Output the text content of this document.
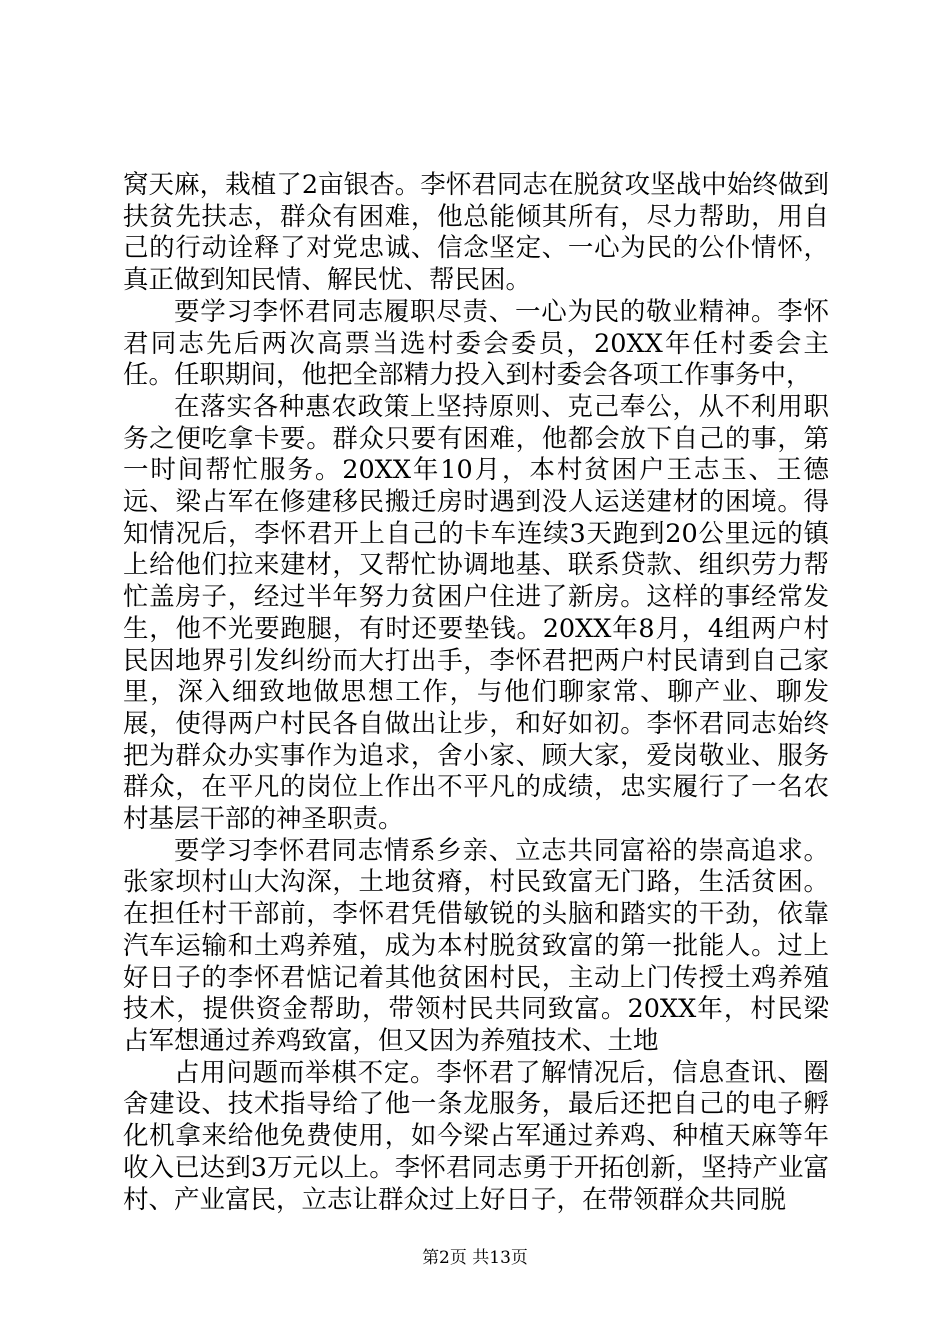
窝天麻，栽植了2亩银杏。李怀君同志在脱贫攻坚战中始终做到扶贫先扶志，群众有困难，他总能倾其所有，尽力帮助，用自己的行动诠释了对党忠诚、信念坚定、一心为民的公仆情怀，真正做到知民情、解民忧、帮民困。

要学习李怀君同志履职尽责、一心为民的敬业精神。李怀君同志先后两次高票当选村委会委员，20XX年任村委会主任。任职期间，他把全部精力投入到村委会各项工作事务中，

在落实各种惠农政策上坚持原则、克己奉公，从不利用职务之便吃拿卡要。群众只要有困难，他都会放下自己的事，第一时间帮忙服务。20XX年10月，本村贫困户王志玉、王德远、梁占军在修建移民搬迁房时遇到没人运送建材的困境。得知情况后，李怀君开上自己的卡车连续3天跑到20公里远的镇上给他们拉来建材，又帮忙协调地基、联系贷款、组织劳力帮忙盖房子，经过半年努力贫困户住进了新房。这样的事经常发生，他不光要跑腿，有时还要垫钱。20XX年8月，4组两户村民因地界引发纠纷而大打出手，李怀君把两户村民请到自己家里，深入细致地做思想工作，与他们聊家常、聊产业、聊发展，使得两户村民各自做出让步，和好如初。李怀君同志始终把为群众办实事作为追求，舍小家、顾大家，爱岗敬业、服务群众，在平凡的岗位上作出不平凡的成绩，忠实履行了一名农村基层干部的神圣职责。

要学习李怀君同志情系乡亲、立志共同富裕的崇高追求。张家坝村山大沟深，土地贫瘠，村民致富无门路，生活贫困。在担任村干部前，李怀君凭借敏锐的头脑和踏实的干劲，依靠汽车运输和土鸡养殖，成为本村脱贫致富的第一批能人。过上好日子的李怀君惦记着其他贫困村民，主动上门传授土鸡养殖技术，提供资金帮助，带领村民共同致富。20XX年，村民梁占军想通过养鸡致富，但又因为养殖技术、土地

占用问题而举棋不定。李怀君了解情况后，信息查讯、圈舍建设、技术指导给了他一条龙服务，最后还把自己的电子孵化机拿来给他免费使用，如今梁占军通过养鸡、种植天麻等年收入已达到3万元以上。李怀君同志勇于开拓创新，坚持产业富村、产业富民，立志让群众过上好日子，在带领群众共同脱

第2页 共13页
